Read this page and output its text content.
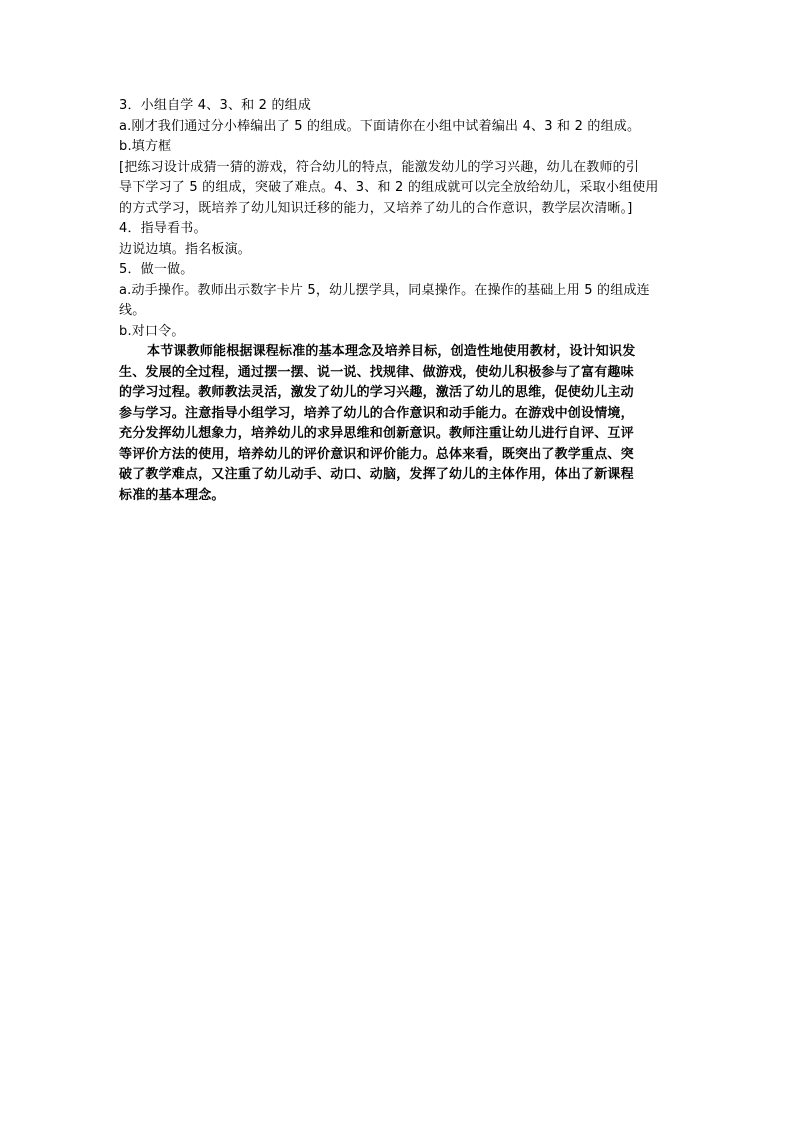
3．小组自学 4、3、和 2 的组成
a.刚才我们通过分小棒编出了 5 的组成。下面请你在小组中试着编出 4、3 和 2 的组成。
b.填方框
[把练习设计成猜一猜的游戏，符合幼儿的特点，能激发幼儿的学习兴趣，幼儿在教师的引
导下学习了 5 的组成，突破了难点。4、3、和 2 的组成就可以完全放给幼儿，采取小组使用
的方式学习，既培养了幼儿知识迁移的能力，又培养了幼儿的合作意识，教学层次清晰。]
4．指导看书。
边说边填。指名板演。
5．做一做。
a.动手操作。教师出示数字卡片 5，幼儿摆学具，同桌操作。在操作的基础上用 5 的组成连
线。
b.对口令。
本节课教师能根据课程标准的基本理念及培养目标，创造性地使用教材，设计知识发
生、发展的全过程，通过摆一摆、说一说、找规律、做游戏，使幼儿积极参与了富有趣味
的学习过程。教师教法灵活，激发了幼儿的学习兴趣，激活了幼儿的思维，促使幼儿主动
参与学习。注意指导小组学习，培养了幼儿的合作意识和动手能力。在游戏中创设情境，
充分发挥幼儿想象力，培养幼儿的求异思维和创新意识。教师注重让幼儿进行自评、互评
等评价方法的使用，培养幼儿的评价意识和评价能力。总体来看，既突出了教学重点、突
破了教学难点，又注重了幼儿动手、动口、动脑，发挥了幼儿的主体作用，体出了新课程
标准的基本理念。
